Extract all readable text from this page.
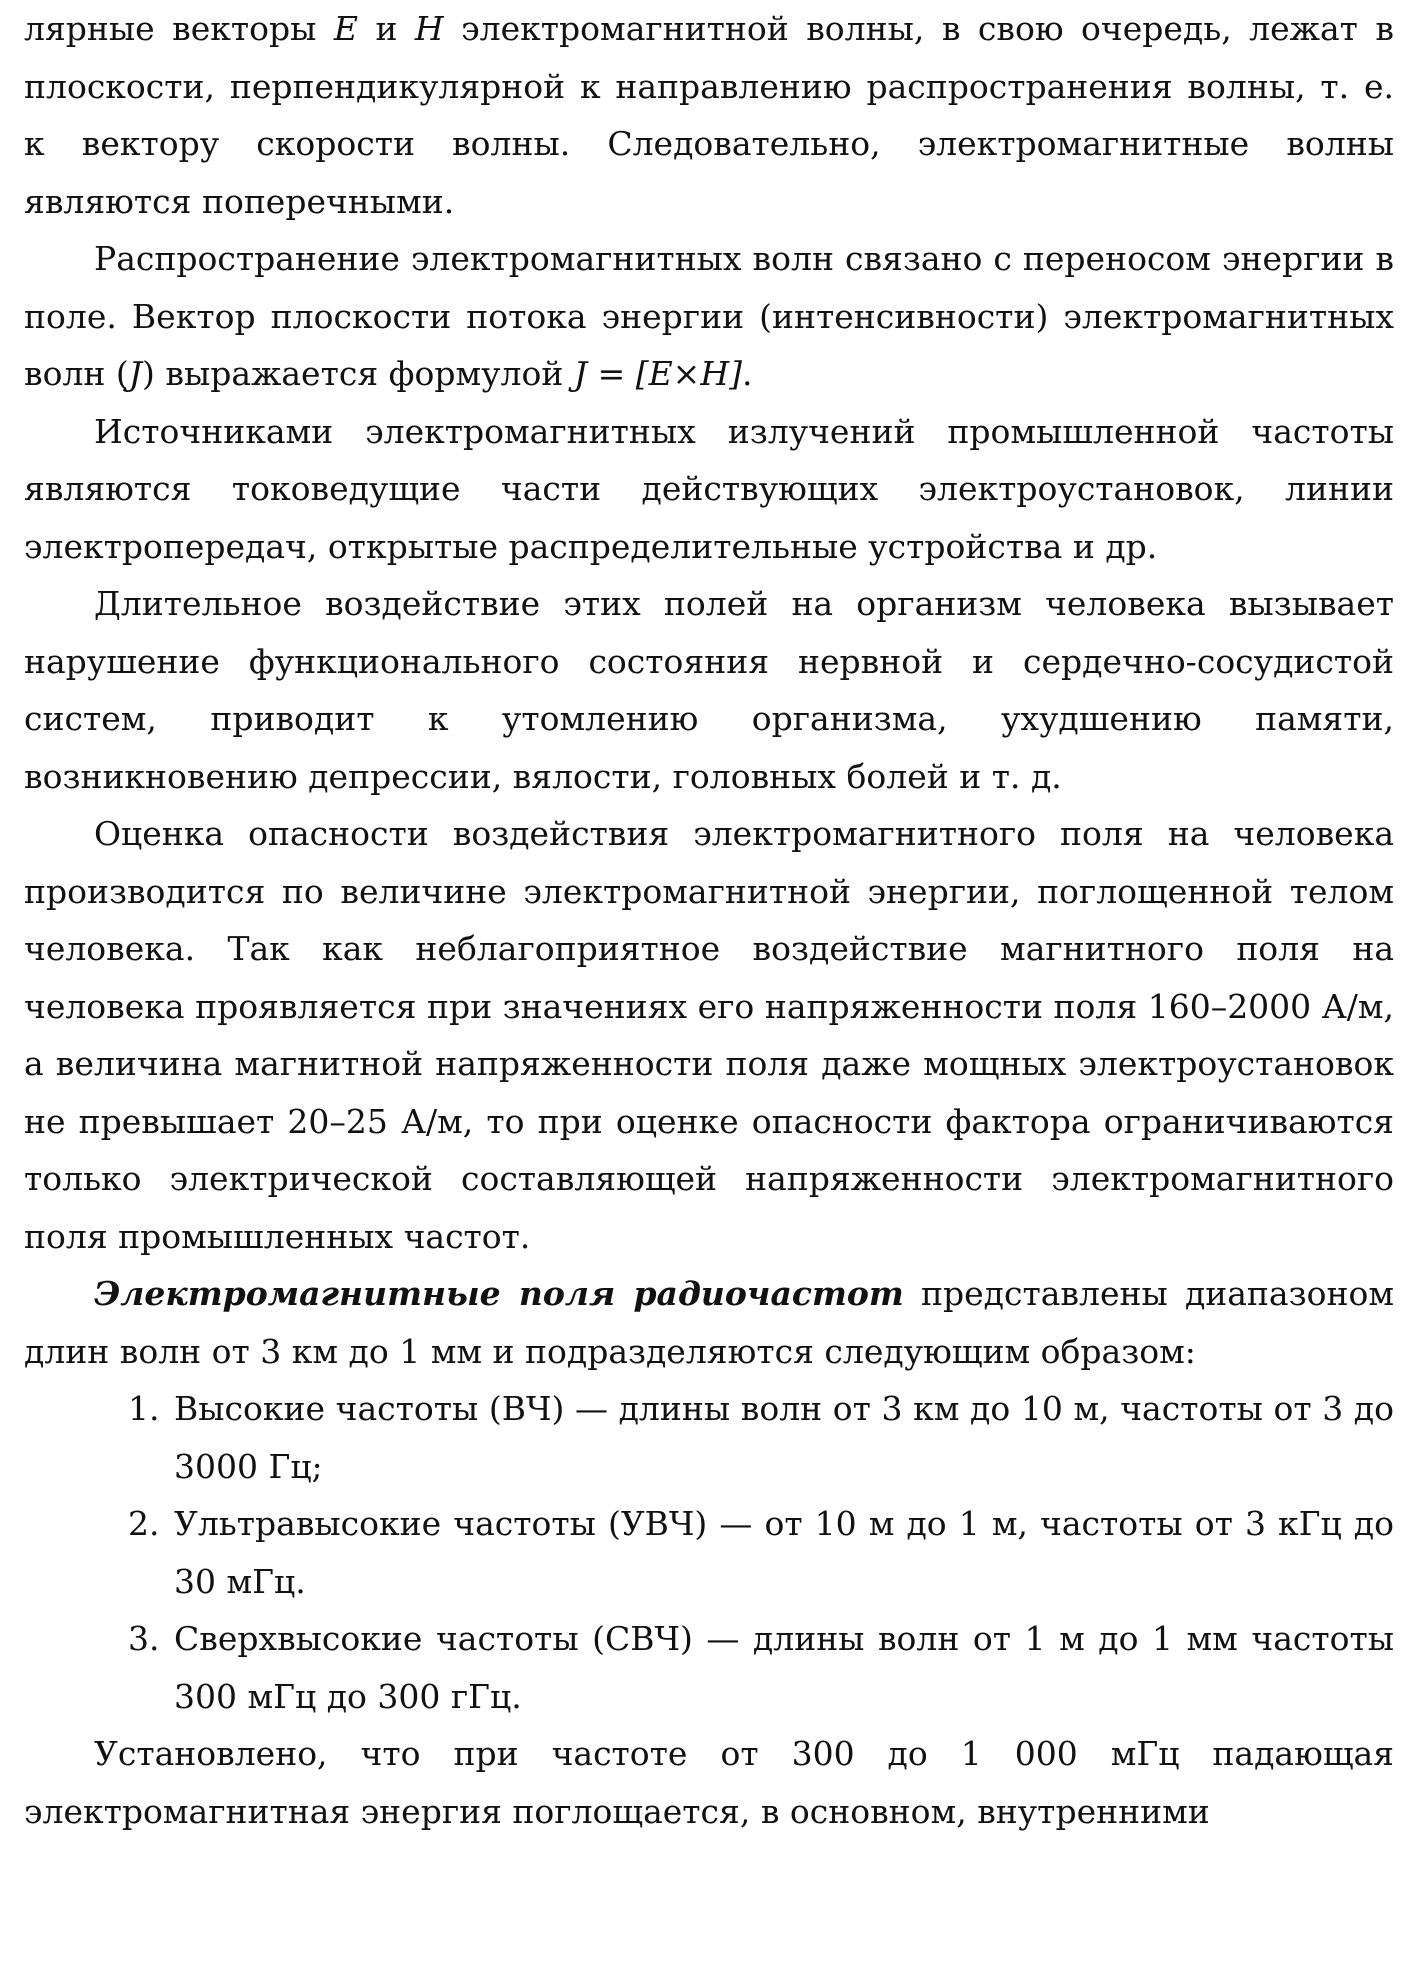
лярные векторы E и H электромагнитной волны, в свою очередь, лежат в плоскости, перпендикулярной к направлению распространения волны, т. е. к вектору скорости волны. Следовательно, электромагнитные волны являются поперечными.

Распространение электромагнитных волн связано с переносом энергии в поле. Вектор плоскости потока энергии (интенсивности) электромагнитных волн (J) выражается формулой J = [E×H].

Источниками электромагнитных излучений промышленной частоты являются токоведущие части действующих электроустановок, линии электропередач, открытые распределительные устройства и др.

Длительное воздействие этих полей на организм человека вызывает нарушение функционального состояния нервной и сердечно-сосудистой систем, приводит к утомлению организма, ухудшению памяти, возникновению депрессии, вялости, головных болей и т. д.

Оценка опасности воздействия электромагнитного поля на человека производится по величине электромагнитной энергии, поглощенной телом человека. Так как неблагоприятное воздействие магнитного поля на человека проявляется при значениях его напряженности поля 160–2000 А/м, а величина магнитной напряженности поля даже мощных электроустановок не превышает 20–25 А/м, то при оценке опасности фактора ограничиваются только электрической составляющей напряженности электромагнитного поля промышленных частот.

Электромагнитные поля радиочастот представлены диапазоном длин волн от 3 км до 1 мм и подразделяются следующим образом:

1. Высокие частоты (ВЧ) — длины волн от 3 км до 10 м, частоты от 3 до 3000 Гц;
2. Ультравысокие частоты (УВЧ) — от 10 м до 1 м, частоты от 3 кГц до 30 мГц.
3. Сверхвысокие частоты (СВЧ) — длины волн от 1 м до 1 мм частоты 300 мГц до 300 гГц.

Установлено, что при частоте от 300 до 1 000 мГц падающая электромагнитная энергия поглощается, в основном, внутренними
